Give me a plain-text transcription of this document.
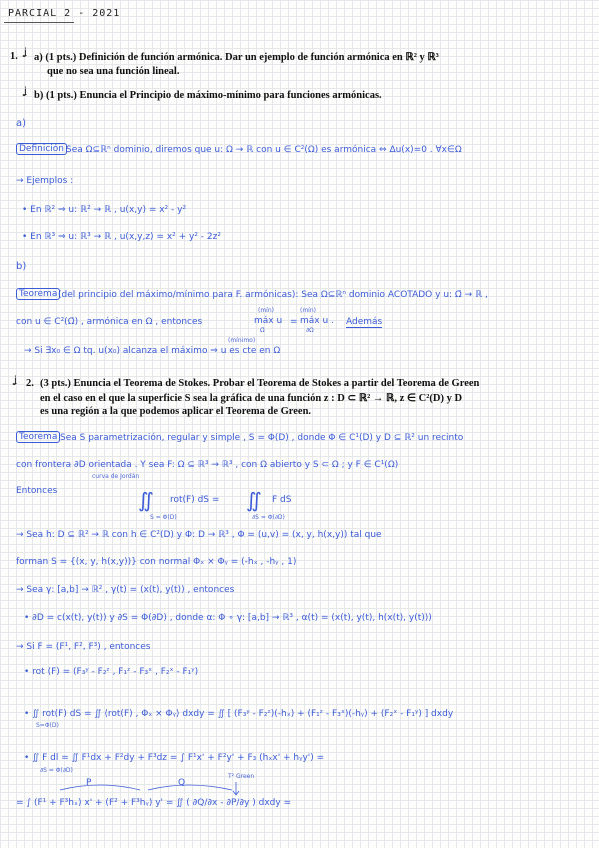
PARCIAL 2 - 2021
1. ʝ a) (1 pts.) Definición de función armónica. Dar un ejemplo de función armónica en ℝ² y ℝ³
que no sea una función lineal.
ʝ b) (1 pts.) Enuncia el Principio de máximo-mínimo para funciones armónicas.
a)
Definición Sea Ω⊆ℝⁿ dominio, diremos que u: Ω → ℝ con u ∈ C²(Ω) es armónica ⇔ Δu(x)=0 . ∀x∈Ω
→ Ejemplos :
• En ℝ² ⇒ u: ℝ² → ℝ , u(x,y) = x² - y²
• En ℝ³ ⇒ u: ℝ³ → ℝ , u(x,y,z) = x² + y² - 2z²
b)
Teorema (del principio del máximo/mínimo para F. armónicas): Sea Ω⊆ℝⁿ dominio ACOTADO y u: Ω̄ → ℝ ,
con u ∈ C²(Ω̄) , armónica en Ω , entonces
(mín)
máx u
Ω̄
=
(mín)
máx u .
∂Ω
Además
(mínimo)
→ Si ∃x₀ ∈ Ω tq. u(x₀) alcanza el máximo ⇒ u es cte en Ω
ʝ 2. (3 pts.) Enuncia el Teorema de Stokes. Probar el Teorema de Stokes a partir del Teorema de Green
en el caso en el que la superficie S sea la gráfica de una función z : D ⊂ ℝ² → ℝ, z ∈ C²(D) y D
es una región a la que podemos aplicar el Teorema de Green.
Teorema Sea S parametrización, regular y simple , S = Φ(D) , donde Φ ∈ C¹(D) y D ⊆ ℝ² un recinto
con frontera ∂D orientada . Y sea F: Ω ⊆ ℝ³ → ℝ³ , con Ω abierto y S ⊂ Ω ; y F ∈ C¹(Ω)
curva de Jordán
Entonces	∬ rot(F) dS =
S = Φ(D)
∬ F dS
∂S = Φ(∂D)
→ Sea h: D ⊆ ℝ² → ℝ con h ∈ C²(D) y Φ: D → ℝ³ , Φ = (u,v) = (x, y, h(x,y)) tal que
forman S = {(x, y, h(x,y))} con normal Φₓ × Φᵧ = (-hₓ , -hᵧ , 1)
→ Sea γ: [a,b] → ℝ² , γ(t) = (x(t), y(t)) , entonces
• ∂D = c(x(t), y(t)) y ∂S = Φ(∂D) , donde α: Φ ∘ γ: [a,b] → ℝ³ , α(t) = (x(t), y(t), h(x(t), y(t)))
→ Si F = (F¹, F², F³) , entonces
• rot (F) = (F₃ʸ - F₂ᶻ , F₁ᶻ - F₃ˣ , F₂ˣ - F₁ʸ)
• ∬ rot(F) dS = ∬ ⟨rot(F) , Φₓ × Φᵧ⟩ dxdy = ∬ [ (F₃ʸ - F₂ᶻ)(-hₓ) + (F₁ᶻ - F₃ˣ)(-hᵧ) + (F₂ˣ - F₁ʸ) ] dxdy
S=Φ(D)
• ∬ F dl = ∬ F¹dx + F²dy + F³dz = ∫ F¹x' + F²y' + F₃ (hₓx' + hᵧy') =
∂S = Φ(∂D)
P	Q
T² Green
= ∫ (F¹ + F³hₓ) x' + (F² + F³hᵧ) y' = ∬ ( ∂Q/∂x - ∂P/∂y ) dxdy =
